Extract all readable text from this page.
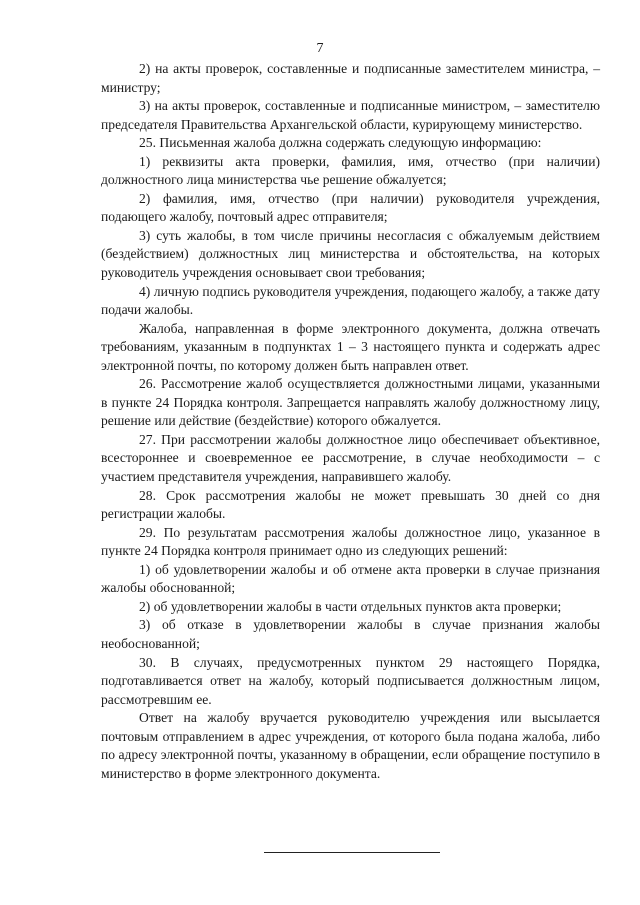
7

2) на акты проверок, составленные и подписанные заместителем министра, – министру;

3) на акты проверок, составленные и подписанные министром, – заместителю председателя Правительства Архангельской области, курирующему министерство.

25. Письменная жалоба должна содержать следующую информацию:

1) реквизиты акта проверки, фамилия, имя, отчество (при наличии) должностного лица министерства чье решение обжалуется;

2) фамилия, имя, отчество (при наличии) руководителя учреждения, подающего жалобу, почтовый адрес отправителя;

3) суть жалобы, в том числе причины несогласия с обжалуемым действием (бездействием) должностных лиц министерства и обстоятельства, на которых руководитель учреждения основывает свои требования;

4) личную подпись руководителя учреждения, подающего жалобу, а также дату подачи жалобы.

Жалоба, направленная в форме электронного документа, должна отвечать требованиям, указанным в подпунктах 1 – 3 настоящего пункта и содержать адрес электронной почты, по которому должен быть направлен ответ.

26. Рассмотрение жалоб осуществляется должностными лицами, указанными в пункте 24 Порядка контроля. Запрещается направлять жалобу должностному лицу, решение или действие (бездействие) которого обжалуется.

27. При рассмотрении жалобы должностное лицо обеспечивает объективное, всестороннее и своевременное ее рассмотрение, в случае необходимости – с участием представителя учреждения, направившего жалобу.

28. Срок рассмотрения жалобы не может превышать 30 дней со дня регистрации жалобы.

29. По результатам рассмотрения жалобы должностное лицо, указанное в пункте 24 Порядка контроля принимает одно из следующих решений:

1) об удовлетворении жалобы и об отмене акта проверки в случае признания жалобы обоснованной;

2) об удовлетворении жалобы в части отдельных пунктов акта проверки;

3) об отказе в удовлетворении жалобы в случае признания жалобы необоснованной;

30. В случаях, предусмотренных пунктом 29 настоящего Порядка, подготавливается ответ на жалобу, который подписывается должностным лицом, рассмотревшим ее.

Ответ на жалобу вручается руководителю учреждения или высылается почтовым отправлением в адрес учреждения, от которого была подана жалоба, либо по адресу электронной почты, указанному в обращении, если обращение поступило в министерство в форме электронного документа.
